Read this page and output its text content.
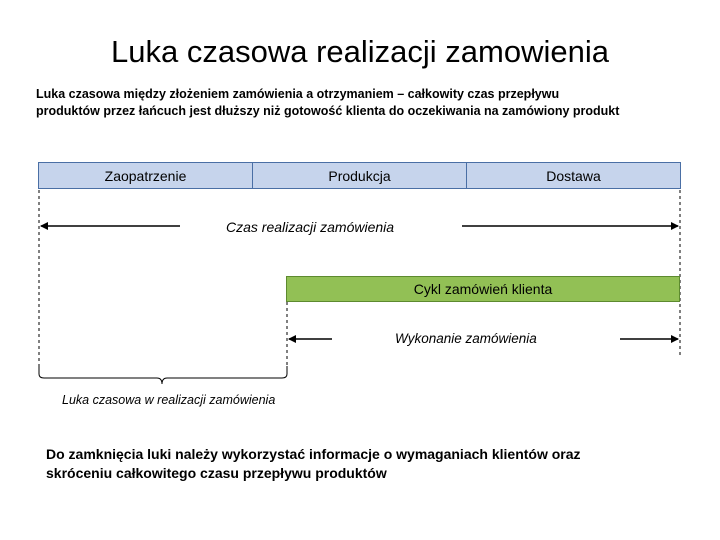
Luka czasowa realizacji zamowienia
Luka czasowa między złożeniem zamówienia a otrzymaniem – całkowity czas przepływu
produktów przez łańcuch jest dłuższy niż gotowość klienta do oczekiwania na zamówiony produkt
Zaopatrzenie	Produkcja	Dostawa
Czas realizacji zamówienia
Cykl zamówień klienta
Wykonanie zamówienia
Luka czasowa w realizacji zamówienia
Do zamknięcia luki należy wykorzystać informacje o wymaganiach klientów oraz
skróceniu całkowitego czasu przepływu produktów
